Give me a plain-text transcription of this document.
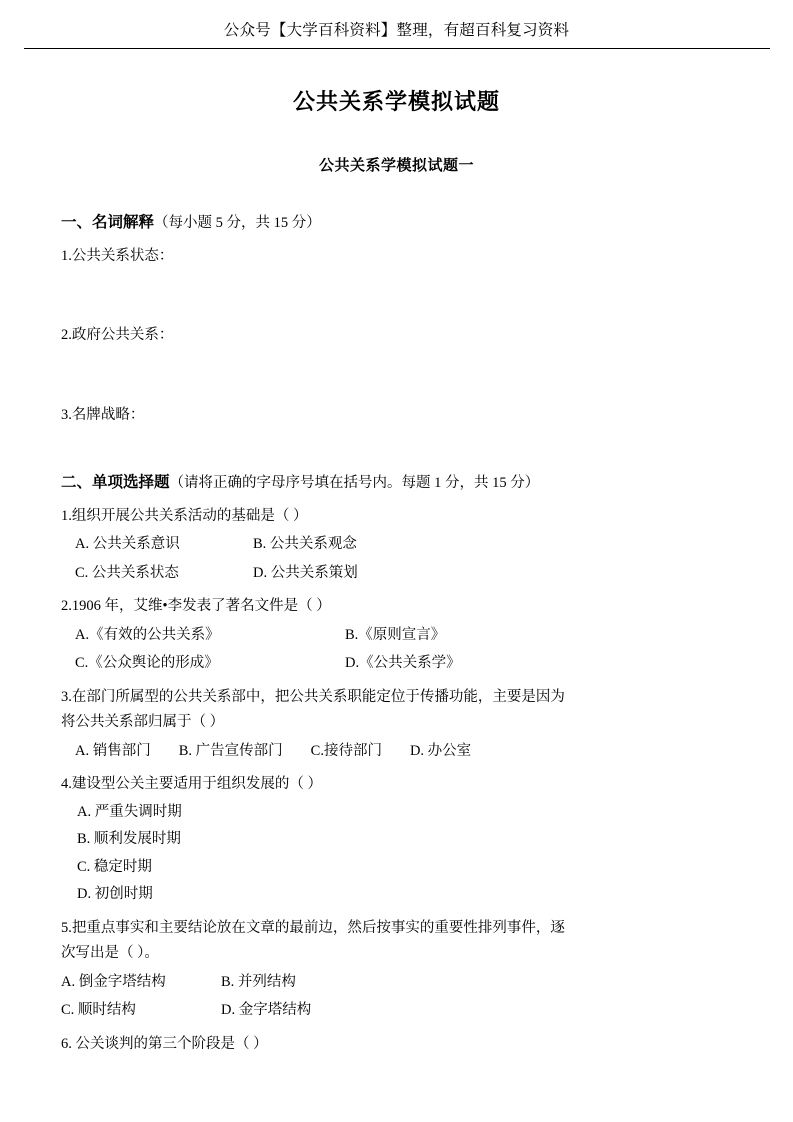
公众号【大学百科资料】整理，有超百科复习资料
公共关系学模拟试题
公共关系学模拟试题一
一、名词解释（每小题 5 分，共 15 分）
1.公共关系状态：
2.政府公共关系：
3.名牌战略：
二、单项选择题（请将正确的字母序号填在括号内。每题 1 分，共 15 分）
1.组织开展公共关系活动的基础是（ ）
A. 公共关系意识	B. 公共关系观念
C. 公共关系状态	D. 公共关系策划
2.1906 年，艾维•李发表了著名文件是（ ）
A.《有效的公共关系》	B.《原则宣言》
C.《公众舆论的形成》	D.《公共关系学》
3.在部门所属型的公共关系部中，把公共关系职能定位于传播功能，主要是因为
将公共关系部归属于（ ）
A. 销售部门 B. 广告宣传部门 C.接待部门 D. 办公室
4.建设型公关主要适用于组织发展的（ ）
A. 严重失调时期
B. 顺利发展时期
C. 稳定时期
D. 初创时期
5.把重点事实和主要结论放在文章的最前边，然后按事实的重要性排列事件，逐
次写出是（ ）。
A. 倒金字塔结构	B. 并列结构
C. 顺时结构	D. 金字塔结构
6. 公关谈判的第三个阶段是（ ）
